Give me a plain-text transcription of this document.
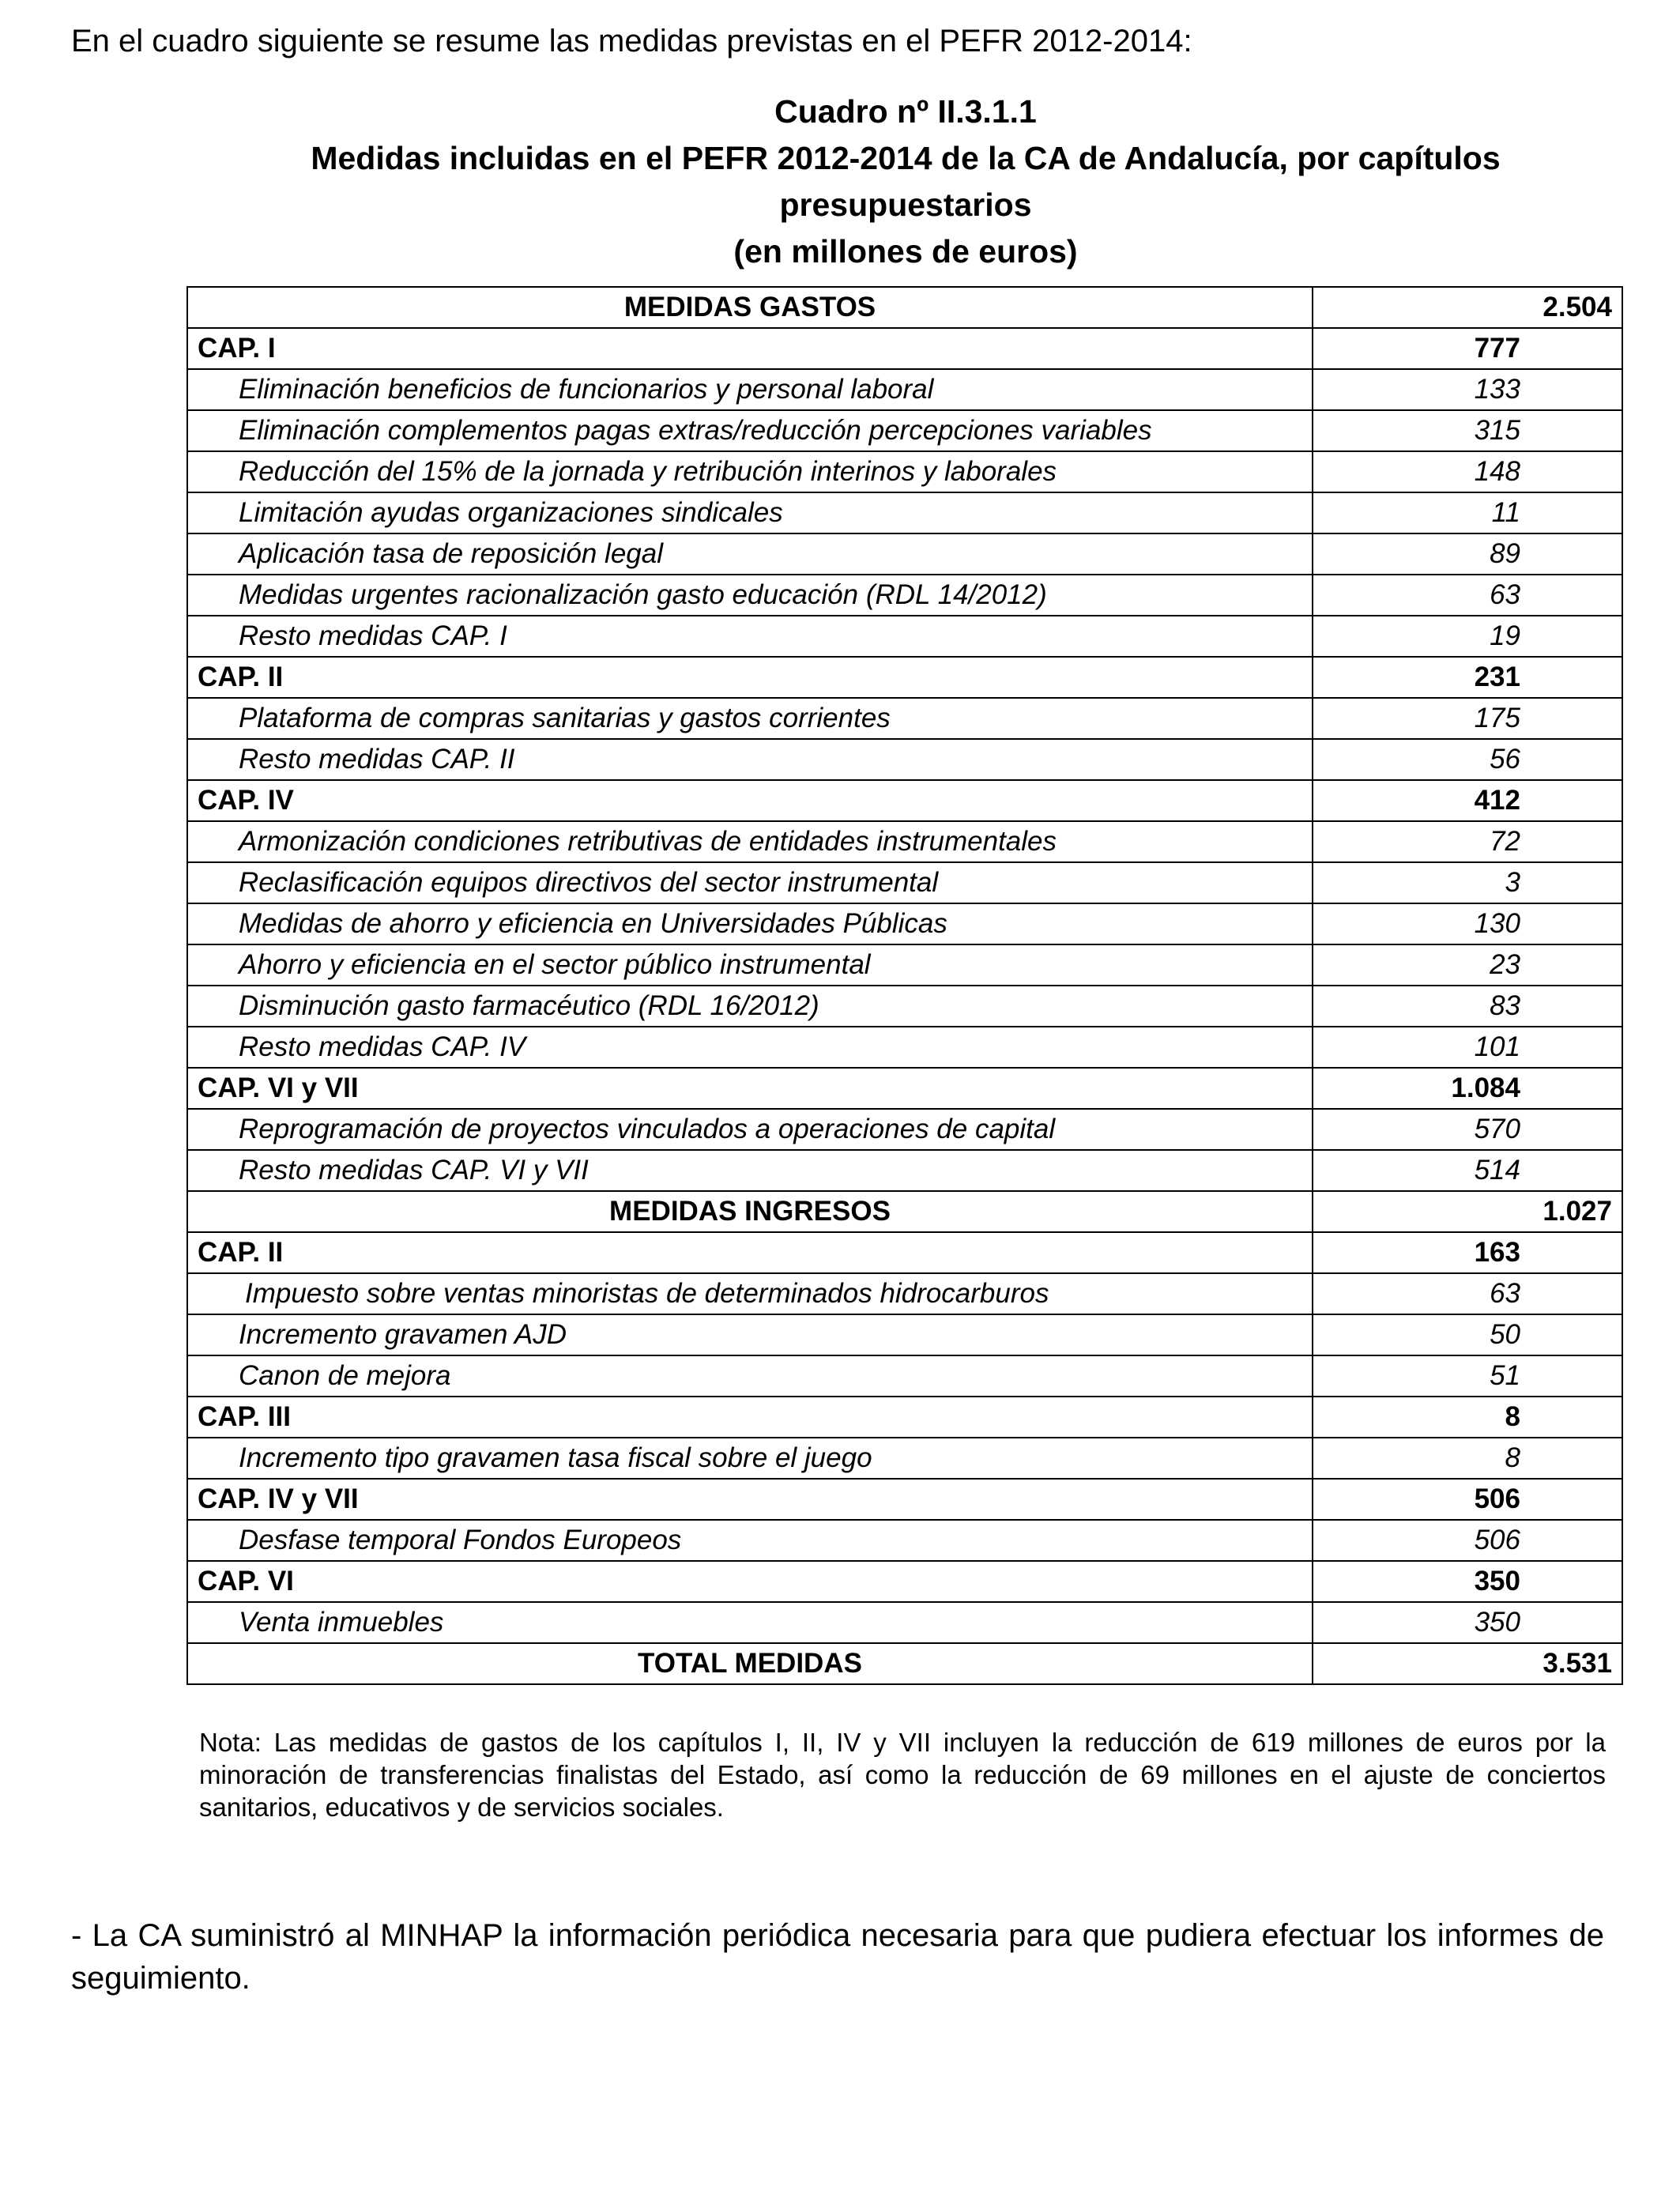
En el cuadro siguiente se resume las medidas previstas en el PEFR 2012-2014:
Cuadro nº II.3.1.1
Medidas incluidas en el PEFR 2012-2014 de la CA de Andalucía, por capítulos
presupuestarios
(en millones de euros)
MEDIDAS GASTOS	2.504
CAP. I	777
Eliminación beneficios de funcionarios y personal laboral	133
Eliminación complementos pagas extras/reducción percepciones variables	315
Reducción del 15% de la jornada y retribución interinos y laborales	148
Limitación ayudas organizaciones sindicales	11
Aplicación tasa de reposición legal	89
Medidas urgentes racionalización gasto educación (RDL 14/2012)	63
Resto medidas CAP. I	19
CAP. II	231
Plataforma de compras sanitarias y gastos corrientes	175
Resto medidas CAP. II	56
CAP. IV	412
Armonización condiciones retributivas de entidades instrumentales	72
Reclasificación equipos directivos del sector instrumental	3
Medidas de ahorro y eficiencia en Universidades Públicas	130
Ahorro y eficiencia en el sector público instrumental	23
Disminución gasto farmacéutico (RDL 16/2012)	83
Resto medidas CAP. IV	101
CAP. VI y VII	1.084
Reprogramación de proyectos vinculados a operaciones de capital	570
Resto medidas CAP. VI y VII	514
MEDIDAS INGRESOS	1.027
CAP. II	163
Impuesto sobre ventas minoristas de determinados hidrocarburos	63
Incremento gravamen AJD	50
Canon de mejora	51
CAP. III	8
Incremento tipo gravamen tasa fiscal sobre el juego	8
CAP. IV y VII	506
Desfase temporal Fondos Europeos	506
CAP. VI	350
Venta inmuebles	350
TOTAL MEDIDAS	3.531
Nota: Las medidas de gastos de los capítulos I, II, IV y VII incluyen la reducción de 619 millones de euros por la minoración de transferencias finalistas del Estado, así como la reducción de 69 millones en el ajuste de conciertos sanitarios, educativos y de servicios sociales.
- La CA suministró al MINHAP la información periódica necesaria para que pudiera efectuar los informes de seguimiento.
